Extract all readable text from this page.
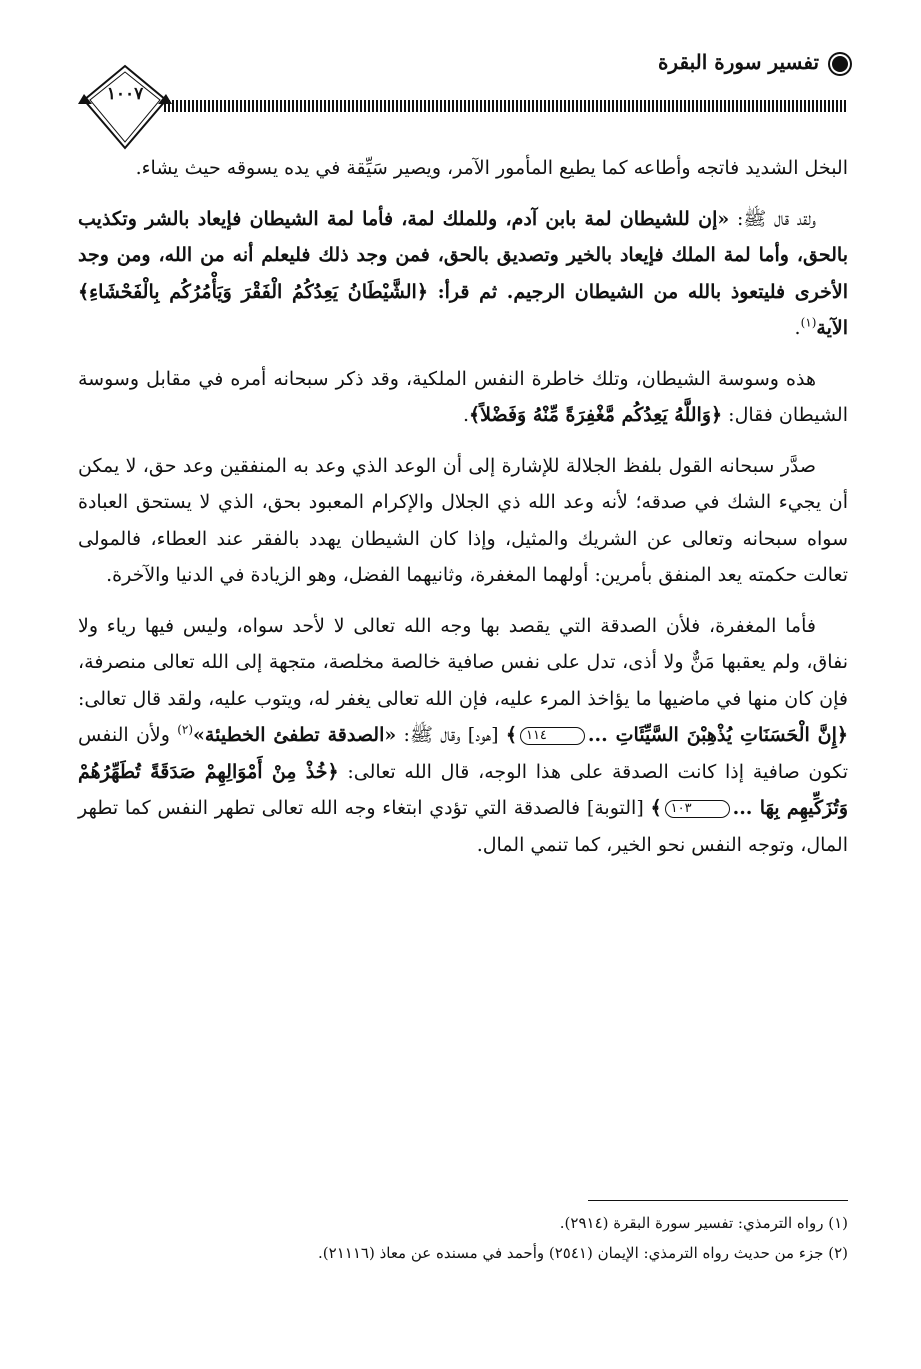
تفسير سورة البقرة
١٠٠٧

البخل الشديد فاتجه وأطاعه كما يطيع المأمور الآمر، ويصير سَيِّقة في يده يسوقه حيث يشاء.

ولقد قال ﷺ: «إن للشيطان لمة بابن آدم، وللملك لمة، فأما لمة الشيطان فإيعاد بالشر وتكذيب بالحق، وأما لمة الملك فإيعاد بالخير وتصديق بالحق، فمن وجد ذلك فليعلم أنه من الله، ومن وجد الأخرى فليتعوذ بالله من الشيطان الرجيم. ثم قرأ: ﴿الشَّيْطَانُ يَعِدُكُمُ الْفَقْرَ وَيَأْمُرُكُم بِالْفَحْشَاءِ﴾ الآية$^{(١)}$.

هذه وسوسة الشيطان، وتلك خاطرة النفس الملكية، وقد ذكر سبحانه أمره في مقابل وسوسة الشيطان فقال: ﴿وَاللَّهُ يَعِدُكُم مَّغْفِرَةً مِّنْهُ وَفَضْلاً﴾.

صدَّر سبحانه القول بلفظ الجلالة للإشارة إلى أن الوعد الذي وعد به المنفقين وعد حق، لا يمكن أن يجيء الشك في صدقه؛ لأنه وعد الله ذي الجلال والإكرام المعبود بحق، الذي لا يستحق العبادة سواه سبحانه وتعالى عن الشريك والمثيل، وإذا كان الشيطان يهدد بالفقر عند العطاء، فالمولى تعالت حكمته يعد المنفق بأمرين: أولهما المغفرة، وثانيهما الفضل، وهو الزيادة في الدنيا والآخرة.

فأما المغفرة، فلأن الصدقة التي يقصد بها وجه الله تعالى لا لأحد سواه، وليس فيها رياء ولا نفاق، ولم يعقبها مَنٌّ ولا أذى، تدل على نفس صافية خالصة مخلصة، متجهة إلى الله تعالى منصرفة، فإن كان منها في ماضيها ما يؤاخذ المرء عليه، فإن الله تعالى يغفر له، ويتوب عليه، ولقد قال تعالى: ﴿إِنَّ الْحَسَنَاتِ يُذْهِبْنَ السَّيِّئَاتِ ...١١٤﴾ [هود] وقال ﷺ: «الصدقة تطفئ الخطيئة»$^{(٢)}$ ولأن النفس تكون صافية إذا كانت الصدقة على هذا الوجه، قال الله تعالى: ﴿خُذْ مِنْ أَمْوَالِهِمْ صَدَقَةً تُطَهِّرُهُمْ وَتُزَكِّيهِم بِهَا ...١٠٣﴾ [التوبة] فالصدقة التي تؤدي ابتغاء وجه الله تعالى تطهر النفس كما تطهر المال، وتوجه النفس نحو الخير، كما تنمي المال.

(١) رواه الترمذي: تفسير سورة البقرة (٢٩١٤).
(٢) جزء من حديث رواه الترمذي: الإيمان (٢٥٤١) وأحمد في مسنده عن معاذ (٢١١١٦).
